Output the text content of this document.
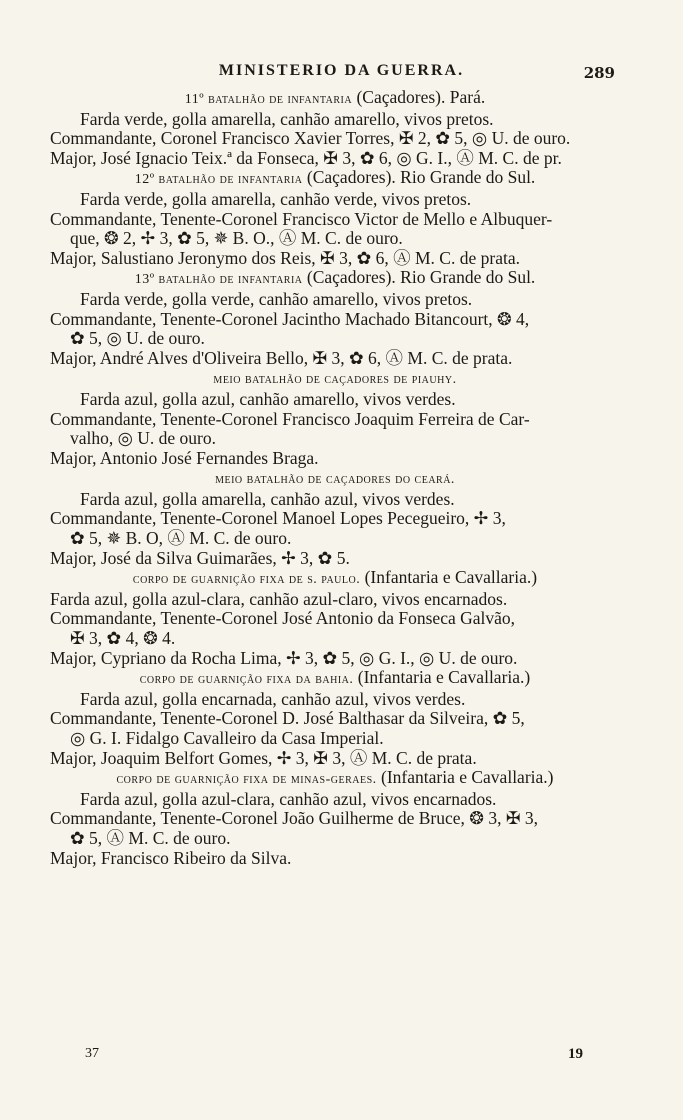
MINISTERIO DA GUERRA.	289
11º batalhão de infantaria (Caçadores). Pará.
Farda verde, golla amarella, canhão amarello, vivos pretos.
Commandante, Coronel Francisco Xavier Torres, ✠ 2, ✿ 5, ◎ U. de ouro.
Major, José Ignacio Teix.ª da Fonseca, ✠ 3, ✿ 6, ◎ G. I., Ⓐ M. C. de pr.
12º batalhão de infantaria (Caçadores). Rio Grande do Sul.
Farda verde, golla amarella, canhão verde, vivos pretos.
Commandante, Tenente-Coronel Francisco Victor de Mello e Albuquer-
que, ❂ 2, ✢ 3, ✿ 5, ✵ B. O., Ⓐ M. C. de ouro.
Major, Salustiano Jeronymo dos Reis, ✠ 3, ✿ 6, Ⓐ M. C. de prata.
13º batalhão de infantaria (Caçadores). Rio Grande do Sul.
Farda verde, golla verde, canhão amarello, vivos pretos.
Commandante, Tenente-Coronel Jacintho Machado Bitancourt, ❂ 4,
✿ 5, ◎ U. de ouro.
Major, André Alves d'Oliveira Bello, ✠ 3, ✿ 6, Ⓐ M. C. de prata.
meio batalhão de caçadores de piauhy.
Farda azul, golla azul, canhão amarello, vivos verdes.
Commandante, Tenente-Coronel Francisco Joaquim Ferreira de Car-
valho, ◎ U. de ouro.
Major, Antonio José Fernandes Braga.
meio batalhão de caçadores do ceará.
Farda azul, golla amarella, canhão azul, vivos verdes.
Commandante, Tenente-Coronel Manoel Lopes Pecegueiro, ✢ 3,
✿ 5, ✵ B. O, Ⓐ M. C. de ouro.
Major, José da Silva Guimarães, ✢ 3, ✿ 5.
corpo de guarnição fixa de s. paulo. (Infantaria e Cavallaria.)
Farda azul, golla azul-clara, canhão azul-claro, vivos encarnados.
Commandante, Tenente-Coronel José Antonio da Fonseca Galvão,
✠ 3, ✿ 4, ❂ 4.
Major, Cypriano da Rocha Lima, ✢ 3, ✿ 5, ◎ G. I., ◎ U. de ouro.
corpo de guarnição fixa da bahia. (Infantaria e Cavallaria.)
Farda azul, golla encarnada, canhão azul, vivos verdes.
Commandante, Tenente-Coronel D. José Balthasar da Silveira, ✿ 5,
◎ G. I. Fidalgo Cavalleiro da Casa Imperial.
Major, Joaquim Belfort Gomes, ✢ 3, ✠ 3, Ⓐ M. C. de prata.
corpo de guarnição fixa de minas-geraes. (Infantaria e Cavallaria.)
Farda azul, golla azul-clara, canhão azul, vivos encarnados.
Commandante, Tenente-Coronel João Guilherme de Bruce, ❂ 3, ✠ 3,
✿ 5, Ⓐ M. C. de ouro.
Major, Francisco Ribeiro da Silva.
37	19
